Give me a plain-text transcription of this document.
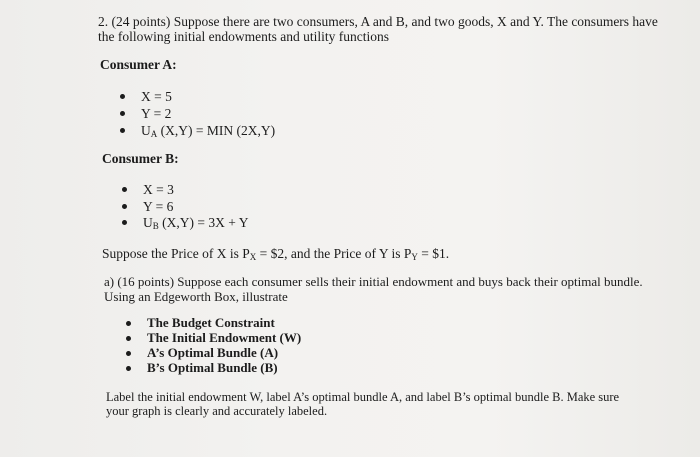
2. (24 points) Suppose there are two consumers, A and B, and two goods, X and Y. The consumers have
the following initial endowments and utility functions
Consumer A:
X = 5
Y = 2
$U_A$ (X,Y) = MIN (2X,Y)
Consumer B:
X = 3
Y = 6
$U_B$ (X,Y) = 3X + Y
Suppose the Price of X is $P_X$ = $2, and the Price of Y is $P_Y$ = $1.
a) (16 points) Suppose each consumer sells their initial endowment and buys back their optimal bundle.
Using an Edgeworth Box, illustrate
The Budget Constraint
The Initial Endowment (W)
A’s Optimal Bundle (A)
B’s Optimal Bundle (B)
Label the initial endowment W, label A’s optimal bundle A, and label B’s optimal bundle B. Make sure
your graph is clearly and accurately labeled.
